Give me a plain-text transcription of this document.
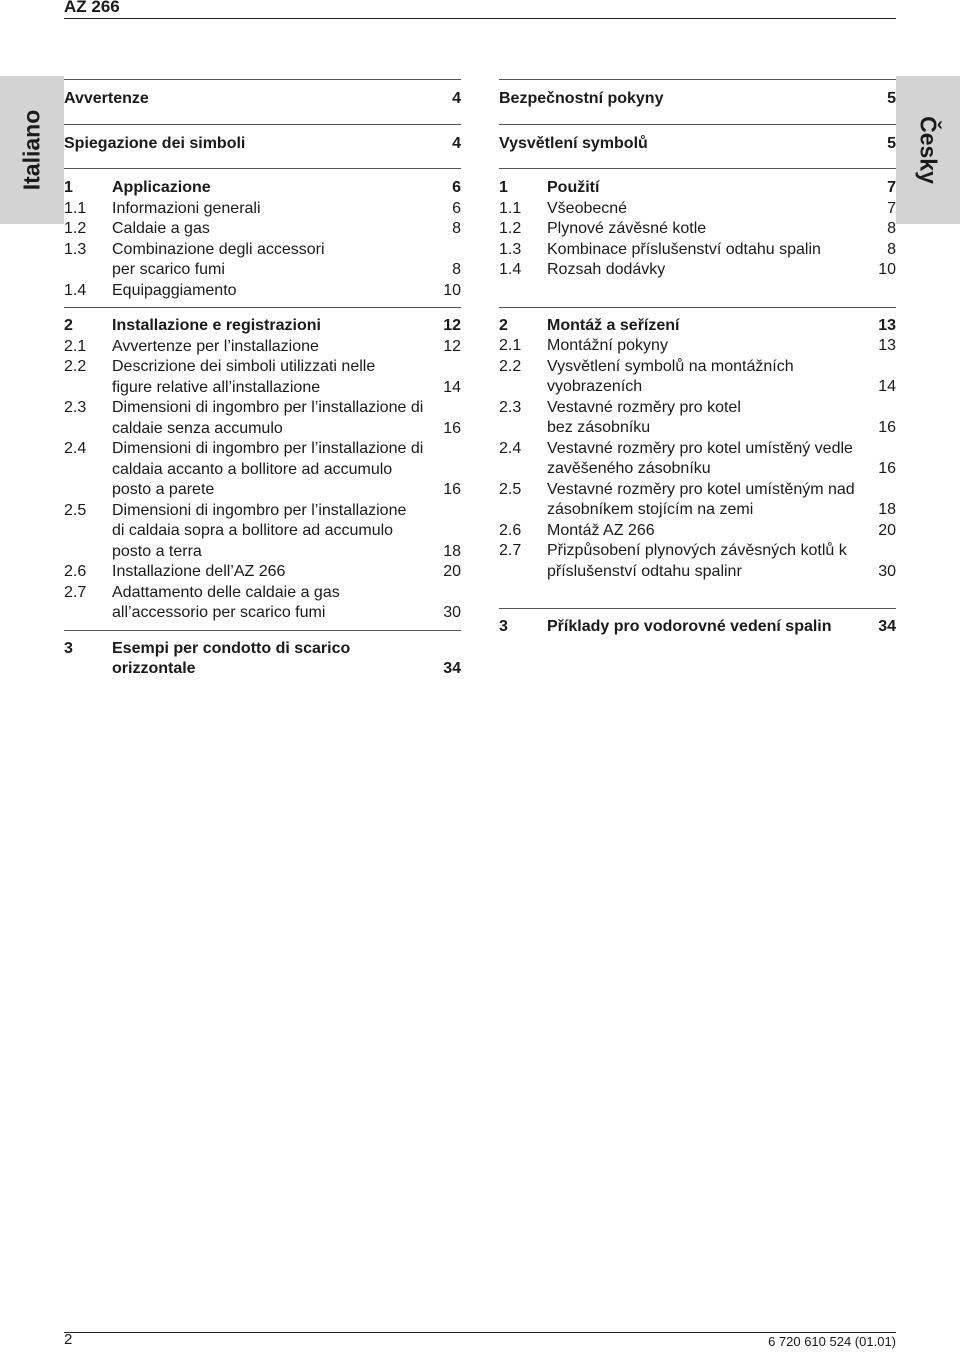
AZ 266
Italiano	Česky
Avvertenze	4
Spiegazione dei simboli	4
1	Applicazione	6
1.1	Informazioni generali	6
1.2	Caldaie a gas	8
1.3	Combinazione degli accessori per scarico fumi	8
1.4	Equipaggiamento	10
2	Installazione e registrazioni	12
2.1	Avvertenze per l’installazione	12
2.2	Descrizione dei simboli utilizzati nelle figure relative all’installazione	14
2.3	Dimensioni di ingombro per l’installazione di caldaie senza accumulo	16
2.4	Dimensioni di ingombro per l’installazione di caldaia accanto a bollitore ad accumulo posto a parete	16
2.5	Dimensioni di ingombro per l’installazione di caldaia sopra a bollitore ad accumulo posto a terra	18
2.6	Installazione dell’AZ 266	20
2.7	Adattamento delle caldaie a gas all’accessorio per scarico fumi	30
3	Esempi per condotto di scarico orizzontale	34
Bezpečnostní pokyny	5
Vysvětlení symbolů	5
1	Použití	7
1.1	Všeobecné	7
1.2	Plynové závěsné kotle	8
1.3	Kombinace příslušenství odtahu spalin	8
1.4	Rozsah dodávky	10
2	Montáž a seřízení	13
2.1	Montážní pokyny	13
2.2	Vysvětlení symbolů na montážních vyobrazeních	14
2.3	Vestavné rozměry pro kotel bez zásobníku	16
2.4	Vestavné rozměry pro kotel umístěný vedle zavěšeného zásobníku	16
2.5	Vestavné rozměry pro kotel umístěným nad zásobníkem stojícím na zemi	18
2.6	Montáž AZ 266	20
2.7	Přizpůsobení plynových závěsných kotlů k příslušenství odtahu spalinr	30
3	Příklady pro vodorovné vedení spalin	34
2	6 720 610 524 (01.01)
